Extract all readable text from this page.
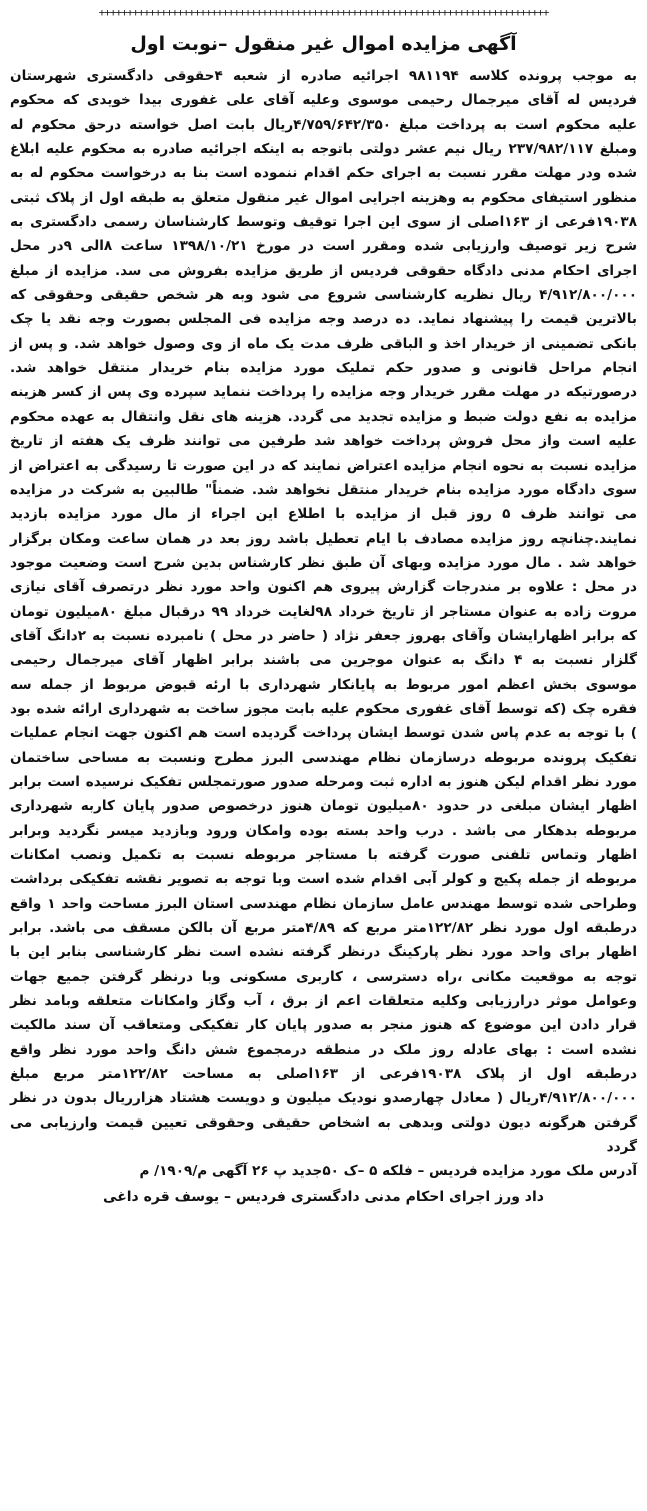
++++++++++++++++++++++++++++++++++++++++++++++++++++++++++++++++++++++++++++++++
آگهی مزایده اموال غیر منقول –نوبت اول
به موجب پرونده کلاسه ۹۸۱۱۹۴ اجرائیه صادره از شعبه ۴حقوقی دادگستری شهرستان فردیس له آقای میرجمال رحیمی موسوی وعلیه آقای علی غفوری بیدا خویدی که محکوم علیه محکوم است به پرداخت مبلغ ۴/۷۵۹/۶۴۲/۳۵۰ریال بابت اصل خواسته درحق محکوم له ومبلغ ۲۳۷/۹۸۲/۱۱۷ ریال نیم عشر دولتی باتوجه به اینکه اجرائیه صادره به محکوم علیه ابلاغ شده ودر مهلت مقرر نسبت به اجرای حکم اقدام ننموده است بنا به درخواست محکوم له به منظور استیفای محکوم به وهزینه اجرایی اموال غیر منقول متعلق به طبقه اول از پلاک ثبتی ۱۹۰۳۸فرعی از ۱۶۳اصلی از سوی این اجرا توقیف وتوسط کارشناسان رسمی دادگستری به شرح زیر توصیف وارزیابی شده ومقرر است در مورخ ۱۳۹۸/۱۰/۲۱ ساعت ۸الی ۹در محل اجرای احکام مدنی دادگاه حقوقی فردیس از طریق مزایده بفروش می سد. مزایده از مبلغ ۴/۹۱۲/۸۰۰/۰۰۰ ریال نظریه کارشناسی شروع می شود وبه هر شخص حقیقی وحقوقی که بالاترین قیمت را پیشنهاد نماید. ده درصد وجه مزایده فی المجلس بصورت وجه نقد یا چک بانکی تضمینی از خریدار اخذ و الباقی ظرف مدت یک ماه از وی وصول خواهد شد. و پس از انجام مراحل قانونی و صدور حکم تملیک مورد مزایده بنام خریدار منتقل خواهد شد. درصورتیکه در مهلت مقرر خریدار وجه مزایده را پرداخت ننماید سپرده وی پس از کسر هزینه مزایده به نفع دولت ضبط و مزایده تجدید می گردد. هزینه های نقل وانتقال به عهده محکوم علیه است واز محل فروش پرداخت خواهد شد طرفین می توانند ظرف یک هفته از تاریخ مزایده نسبت به نحوه انجام مزایده اعتراض نمایند که در این صورت تا رسیدگی به اعتراض از سوی دادگاه مورد مزایده بنام خریدار منتقل نخواهد شد. ضمناً" طالبین به شرکت در مزایده می توانند ظرف ۵ روز قبل از مزایده با اطلاع این اجراء از مال مورد مزایده بازدید نمایند.چنانچه روز مزایده مصادف با ایام تعطیل باشد روز بعد در همان ساعت ومکان برگزار خواهد شد . مال مورد مزایده وبهای آن طبق نظر کارشناس بدین شرح است وضعیت موجود در محل : علاوه بر مندرجات گزارش پیروی هم اکنون واحد مورد نظر درتصرف آقای نیازی مروت زاده به عنوان مستاجر از تاریخ خرداد ۹۸لغایت خرداد ۹۹ درقبال مبلغ ۸۰میلیون تومان که برابر اظهارایشان وآقای بهروز جعفر نژاد ( حاضر در محل ) نامبرده نسبت به ۲دانگ آقای گلزار نسبت به ۴ دانگ به عنوان موجرین می باشند برابر اظهار آقای میرجمال رحیمی موسوی بخش اعظم امور مربوط به پایانکار شهرداری با ارئه قبوض مربوط از جمله سه فقره چک (که توسط آقای غفوری محکوم علیه بابت مجوز ساخت به شهرداری ارائه شده بود ) با توجه به عدم پاس شدن توسط ایشان پرداخت گردیده است هم اکنون جهت انجام عملیات تفکیک پرونده مربوطه درسازمان نظام مهندسی البرز مطرح ونسبت به مساحی ساختمان مورد نظر اقدام لیکن هنوز به اداره ثبت ومرحله صدور صورتمجلس تفکیک نرسیده است برابر اظهار ایشان مبلغی در حدود ۸۰میلیون تومان هنوز درخصوص صدور پایان کاربه شهرداری مربوطه بدهکار می باشد . درب واحد بسته بوده وامکان ورود وبازدید میسر نگردید وبرابر اظهار وتماس تلفنی صورت گرفته با مستاجر مربوطه نسبت به تکمیل ونصب امکانات مربوطه از جمله پکیج و کولر آبی اقدام شده است وبا توجه به تصویر نقشه تفکیکی برداشت وطراحی شده توسط مهندس عامل سازمان نظام مهندسی استان البرز مساحت واحد ۱ واقع درطبقه اول مورد نظر ۱۲۲/۸۲متر مربع که ۴/۸۹متر مربع آن بالکن مسقف می باشد. برابر اظهار برای واحد مورد نظر پارکینگ درنظر گرفته نشده است نظر کارشناسی بنابر این با توجه به موقعیت مکانی ،راه دسترسی ، کاربری مسکونی وبا درنظر گرفتن جمیع جهات وعوامل موثر درارزیابی وکلیه متعلقات اعم از برق ، آب وگاز وامکانات متعلقه وبامد نظر قرار دادن این موضوع که هنوز منجر به صدور پایان کار تفکیکی ومتعاقب آن سند مالکیت نشده است : بهای عادله روز ملک در منطقه درمجموع شش دانگ واحد مورد نظر واقع درطبقه اول از پلاک ۱۹۰۳۸فرعی از ۱۶۳اصلی به مساحت ۱۲۲/۸۲متر مربع مبلغ ۴/۹۱۲/۸۰۰/۰۰۰ریال ( معادل چهارصدو نودیک میلیون و دویست هشتاد هزارریال بدون در نظر گرفتن هرگونه دیون دولتی وبدهی به اشخاص حقیقی وحقوقی تعیین قیمت وارزیابی می گردد
آدرس ملک مورد مزایده فردیس – فلکه ۵ –ک ۵۰جدید پ ۲۶ آگهی م/۱۹۰۹/ م
داد ورز اجرای احکام مدنی دادگستری فردیس – یوسف قره داغی
